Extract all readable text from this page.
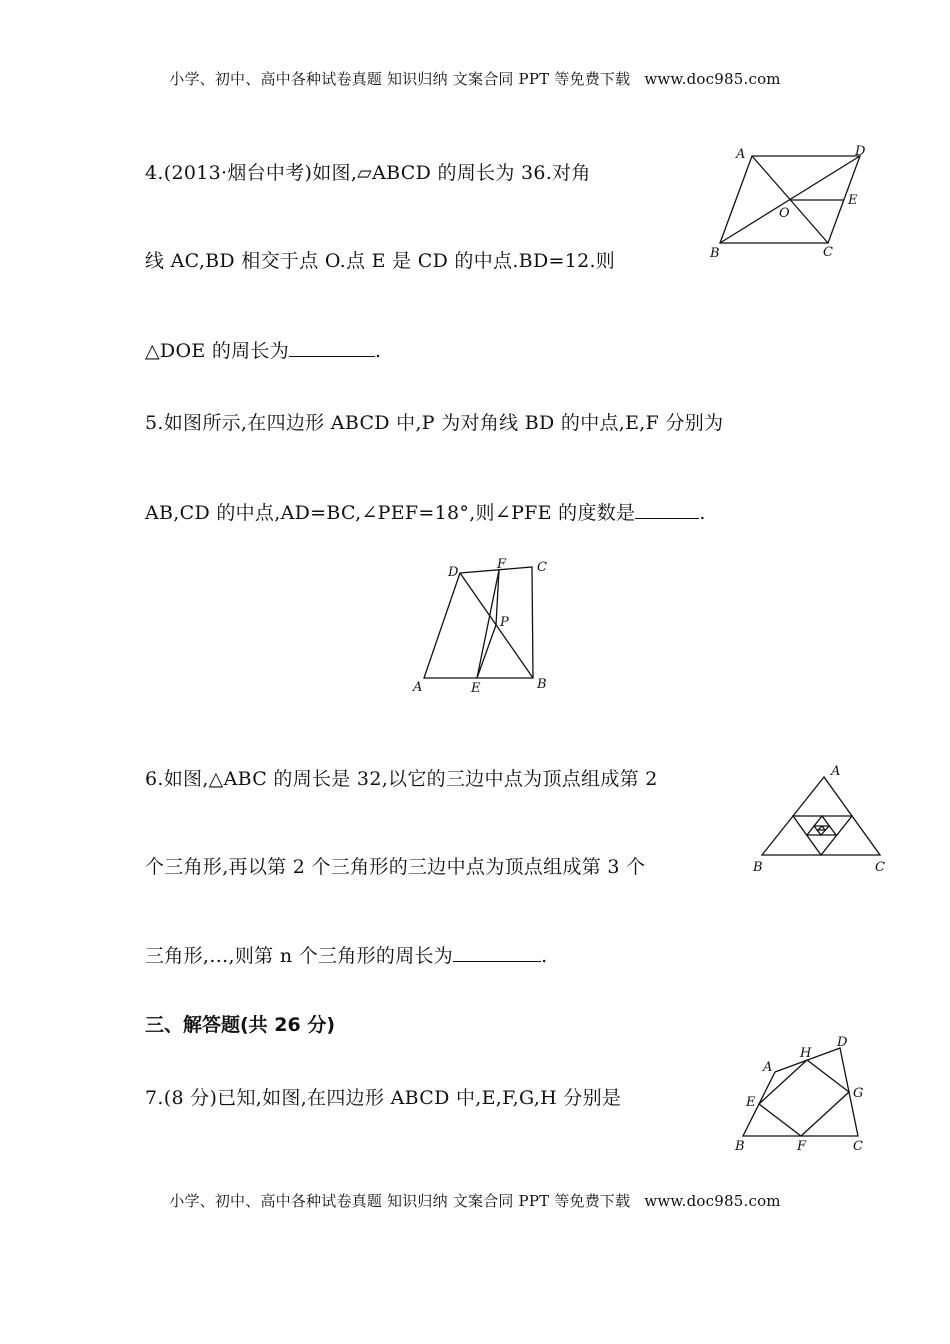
小学、初中、高中各种试卷真题 知识归纳 文案合同 PPT 等免费下载 www.doc985.com
4.(2013·烟台中考)如图,▱ABCD 的周长为 36.对角
线 AC,BD 相交于点 O.点 E 是 CD 的中点.BD=12.则
△DOE 的周长为	.
A	D
E
O
B	C
5.如图所示,在四边形 ABCD 中,P 为对角线 BD 的中点,E,F 分别为
AB,CD 的中点,AD=BC,∠PEF=18°,则∠PFE 的度数是	.
D
F C
P
A	E	B
6.如图,△ABC 的周长是 32,以它的三边中点为顶点组成第 2
个三角形,再以第 2 个三角形的三边中点为顶点组成第 3 个
三角形,…,则第 n 个三角形的周长为	.
A
B	C
三、解答题(共 26 分)
7.(8 分)已知,如图,在四边形 ABCD 中,E,F,G,H 分别是
D
H
A
G
E
B	F	C
小学、初中、高中各种试卷真题 知识归纳 文案合同 PPT 等免费下载 www.doc985.com
